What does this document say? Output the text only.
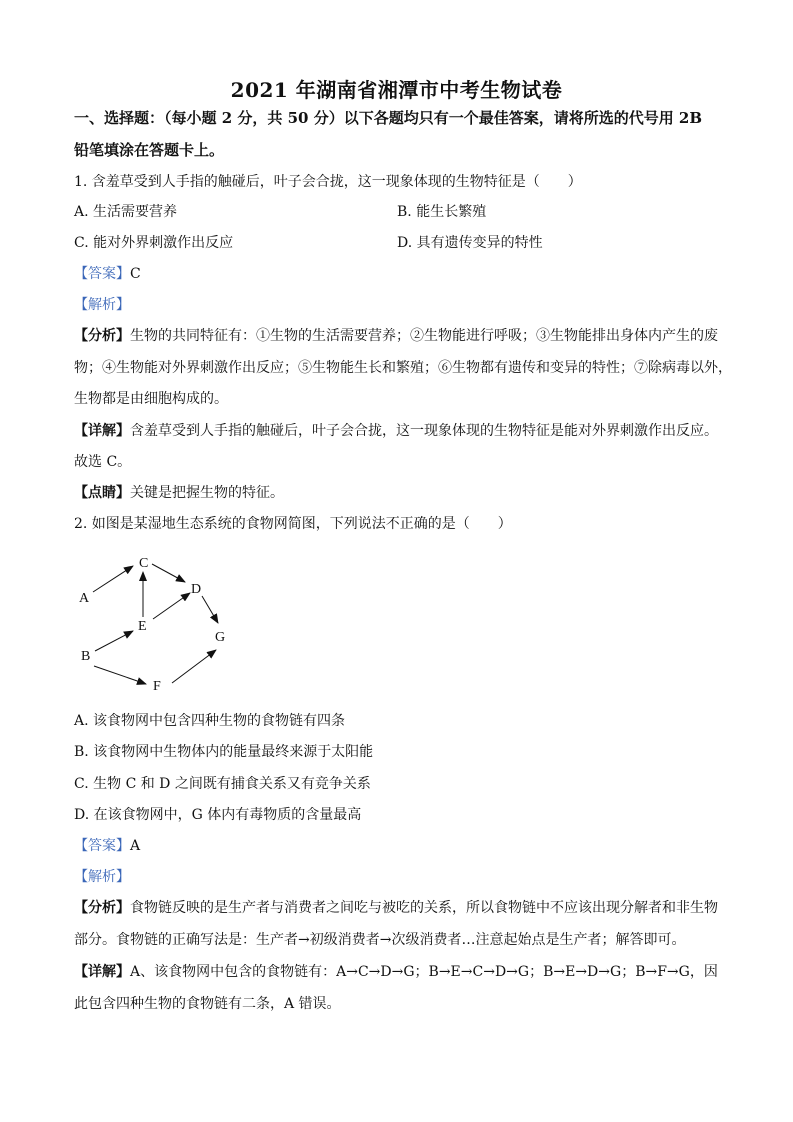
2021 年湖南省湘潭市中考生物试卷
一、选择题：（每小题 2 分，共 50 分）以下各题均只有一个最佳答案，请将所选的代号用 2B
铅笔填涂在答题卡上。
1. 含羞草受到人手指的触碰后，叶子会合拢，这一现象体现的生物特征是（　　）
A. 生活需要营养	B. 能生长繁殖
C. 能对外界刺激作出反应	D. 具有遗传变异的特性
【答案】C
【解析】
【分析】生物的共同特征有：①生物的生活需要营养；②生物能进行呼吸；③生物能排出身体内产生的废
物；④生物能对外界刺激作出反应；⑤生物能生长和繁殖；⑥生物都有遗传和变异的特性；⑦除病毒以外，
生物都是由细胞构成的。
【详解】含羞草受到人手指的触碰后，叶子会合拢，这一现象体现的生物特征是能对外界刺激作出反应。
故选 C。
【点睛】关键是把握生物的特征。
2. 如图是某湿地生态系统的食物网简图，下列说法不正确的是（　　）
C
D
A
E
G
B
F
A. 该食物网中包含四种生物的食物链有四条
B. 该食物网中生物体内的能量最终来源于太阳能
C. 生物 C 和 D 之间既有捕食关系又有竞争关系
D. 在该食物网中，G 体内有毒物质的含量最高
【答案】A
【解析】
【分析】食物链反映的是生产者与消费者之间吃与被吃的关系，所以食物链中不应该出现分解者和非生物
部分。食物链的正确写法是：生产者→初级消费者→次级消费者…注意起始点是生产者；解答即可。
【详解】A、该食物网中包含的食物链有：A→C→D→G；B→E→C→D→G；B→E→D→G；B→F→G，因
此包含四种生物的食物链有二条，A 错误。
